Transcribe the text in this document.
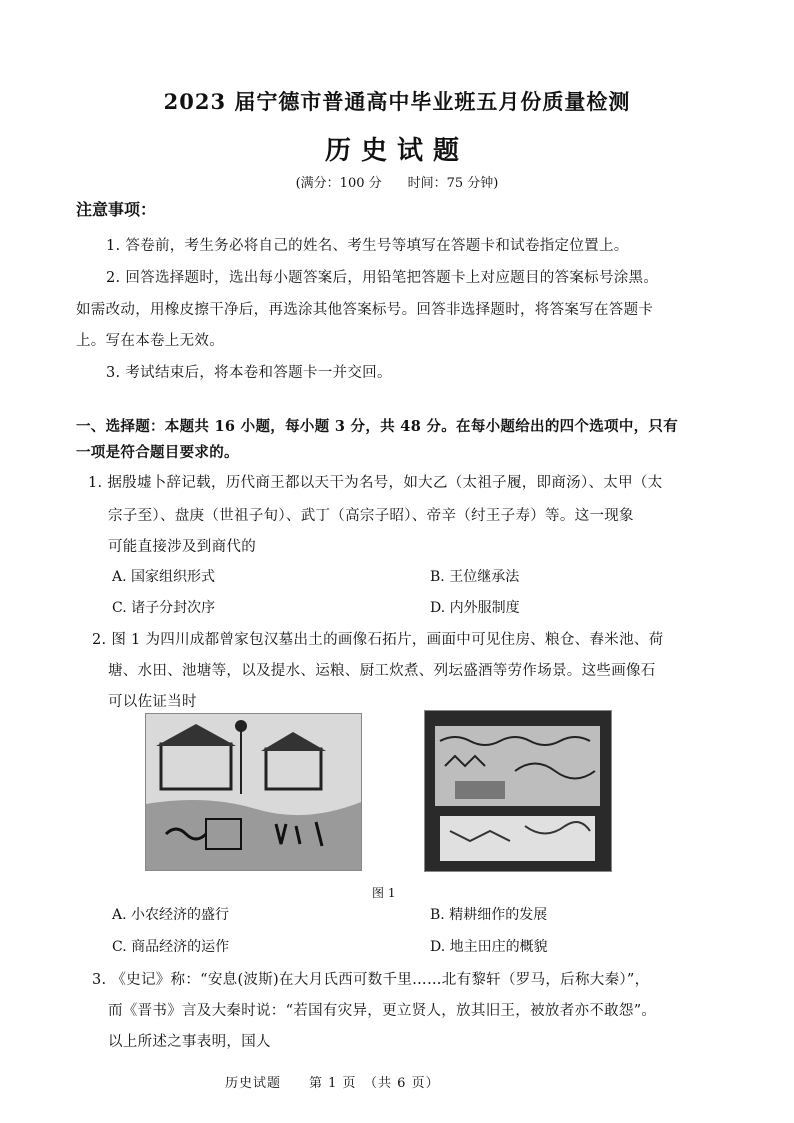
2023 届宁德市普通高中毕业班五月份质量检测
历史试题
(满分：100 分　　时间：75 分钟)
注意事项：
1. 答卷前，考生务必将自己的姓名、考生号等填写在答题卡和试卷指定位置上。
2. 回答选择题时，选出每小题答案后，用铅笔把答题卡上对应题目的答案标号涂黑。
如需改动，用橡皮擦干净后，再选涂其他答案标号。回答非选择题时，将答案写在答题卡
上。写在本卷上无效。
3. 考试结束后，将本卷和答题卡一并交回。
一、选择题：本题共 16 小题，每小题 3 分，共 48 分。在每小题给出的四个选项中，只有
一项是符合题目要求的。
1. 据殷墟卜辞记载，历代商王都以天干为名号，如大乙（太祖子履，即商汤）、太甲（太
宗子至）、盘庚（世祖子旬）、武丁（高宗子昭）、帝辛（纣王子寿）等。这一现象
可能直接涉及到商代的
A. 国家组织形式	B. 王位继承法
C. 诸子分封次序	D. 内外服制度
2. 图 1 为四川成都曾家包汉墓出土的画像石拓片，画面中可见住房、粮仓、舂米池、荷
塘、水田、池塘等，以及提水、运粮、厨工炊煮、列坛盛酒等劳作场景。这些画像石
可以佐证当时
图 1
A. 小农经济的盛行	B. 精耕细作的发展
C. 商品经济的运作	D. 地主田庄的概貌
3. 《史记》称：“安息(波斯)在大月氏西可数千里……北有黎轩（罗马，后称大秦）”，
而《晋书》言及大秦时说：“若国有灾异，更立贤人，放其旧王，被放者亦不敢怨”。
以上所述之事表明，国人
历史试题　　第 1 页　（共 6 页）
